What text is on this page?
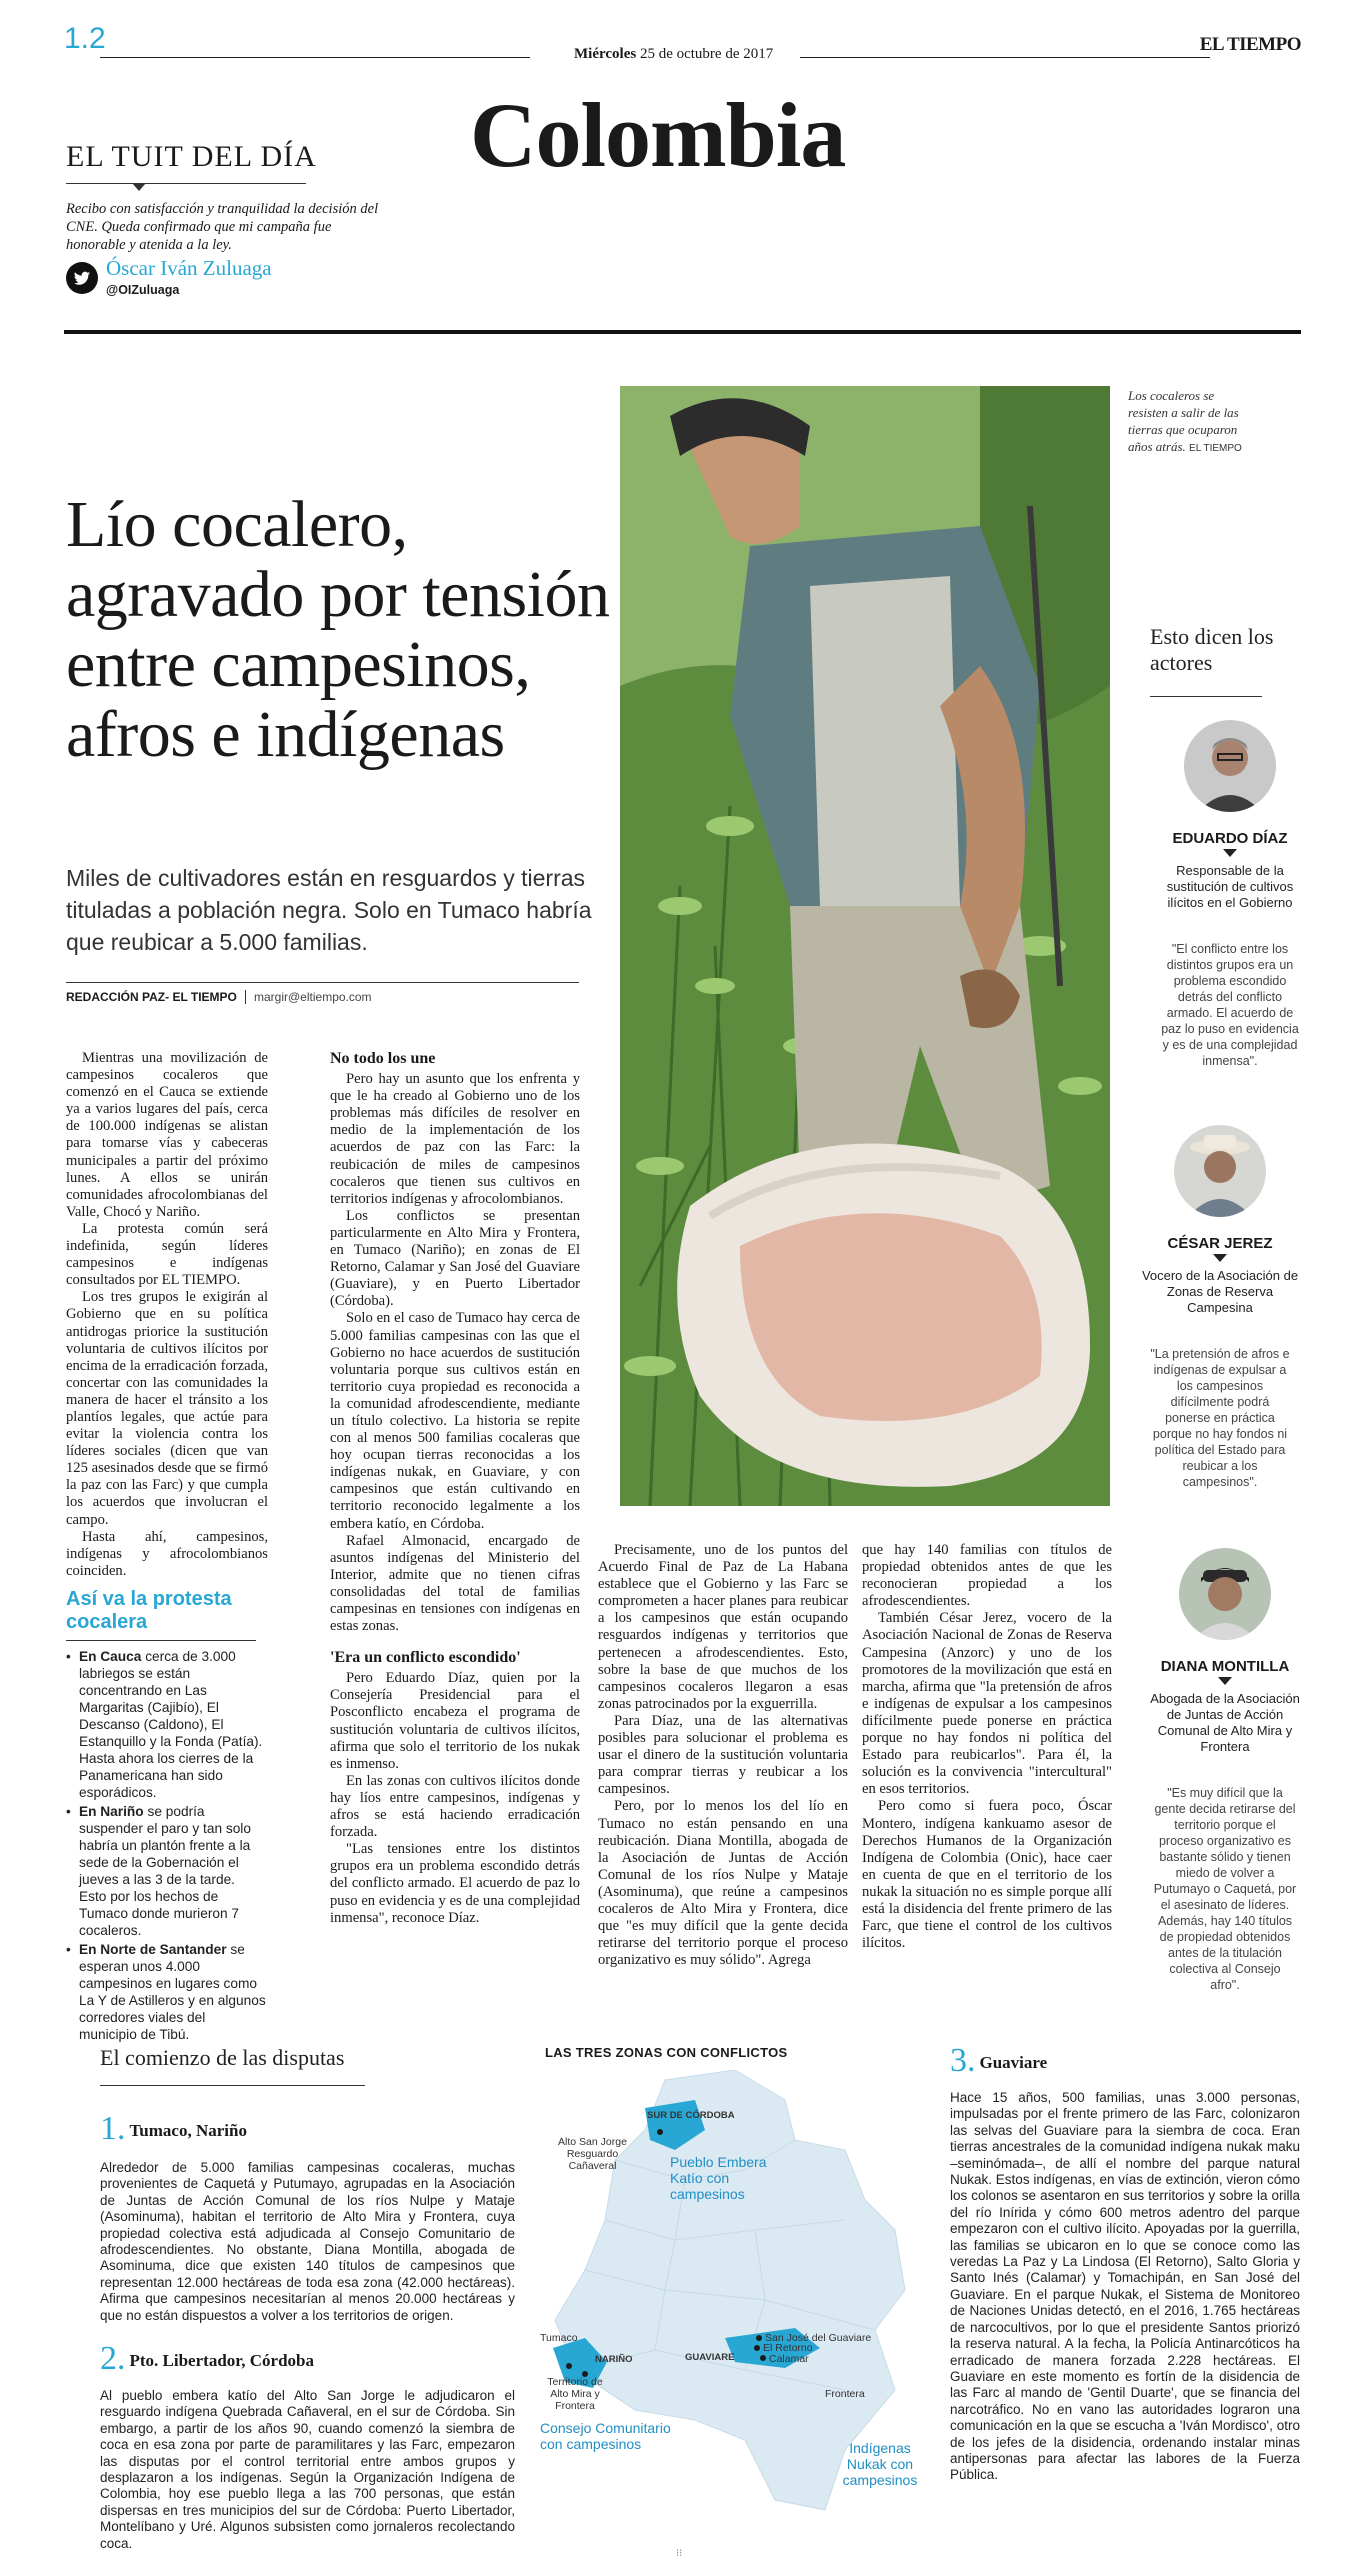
1.2	Miércoles 25 de octubre de 2017	EL TIEMPO
Colombia
EL TUIT DEL DÍA
Recibo con satisfacción y tranquilidad la decisión del CNE. Queda confirmado que mi campaña fue honorable y atenida a la ley.
Óscar Iván Zuluaga
@OIZuluaga
Lío cocalero, agravado por tensión entre campesinos, afros e indígenas
Miles de cultivadores están en resguardos y tierras tituladas a población negra. Solo en Tumaco habría que reubicar a 5.000 familias.
REDACCIÓN PAZ- EL TIEMPO	margir@eltiempo.com
Los cocaleros se resisten a salir de las tierras que ocuparon años atrás. EL TIEMPO

Mientras una movilización de campesinos cocaleros que comenzó en el Cauca se extiende ya a varios lugares del país, cerca de 100.000 indígenas se alistan para tomarse vías y cabeceras municipales a partir del próximo lunes. A ellos se unirán comunidades afrocolombianas del Valle, Chocó y Nariño.

La protesta común será indefinida, según líderes campesinos e indígenas consultados por EL TIEMPO.

Los tres grupos le exigirán al Gobierno que en su política antidrogas priorice la sustitución voluntaria de cultivos ilícitos por encima de la erradicación forzada, concertar con las comunidades la manera de hacer el tránsito a los plantíos legales, que actúe para evitar la violencia contra los líderes sociales (dicen que van 125 asesinados desde que se firmó la paz con las Farc) y que cumpla los acuerdos que involucran el campo.

Hasta ahí, campesinos, indígenas y afrocolombianos coinciden.

No todo los une

Pero hay un asunto que los enfrenta y que le ha creado al Gobierno uno de los problemas más difíciles de resolver en medio de la implementación de los acuerdos de paz con las Farc: la reubicación de miles de campesinos cocaleros que tienen sus cultivos en territorios indígenas y afrocolombianos.

Los conflictos se presentan particularmente en Alto Mira y Frontera, en Tumaco (Nariño); en zonas de El Retorno, Calamar y San José del Guaviare (Guaviare), y en Puerto Libertador (Córdoba).

Solo en el caso de Tumaco hay cerca de 5.000 familias campesinas con las que el Gobierno no hace acuerdos de sustitución voluntaria porque sus cultivos están en territorio cuya propiedad es reconocida a la comunidad afrodescendiente, mediante un título colectivo. La historia se repite con al menos 500 familias cocaleras que hoy ocupan tierras reconocidas a los indígenas nukak, en Guaviare, y con campesinos que están cultivando en territorio reconocido legalmente a los embera katío, en Córdoba.

Rafael Almonacid, encargado de asuntos indígenas del Ministerio del Interior, admite que no tienen cifras consolidadas del total de familias campesinas en tensiones con indígenas en estas zonas.

'Era un conflicto escondido'

Pero Eduardo Díaz, quien por la Consejería Presidencial para el Posconflicto encabeza el programa de sustitución voluntaria de cultivos ilícitos, afirma que solo el territorio de los nukak es inmenso.

En las zonas con cultivos ilícitos donde hay líos entre campesinos, indígenas y afros se está haciendo erradicación forzada.

"Las tensiones entre los distintos grupos era un problema escondido detrás del conflicto armado. El acuerdo de paz lo puso en evidencia y es de una complejidad inmensa", reconoce Díaz.

Precisamente, uno de los puntos del Acuerdo Final de Paz de La Habana establece que el Gobierno y las Farc se comprometen a hacer planes para reubicar a los campesinos que están ocupando resguardos indígenas y territorios que pertenecen a afrodescendientes. Esto, sobre la base de que muchos de los campesinos cocaleros llegaron a esas zonas patrocinados por la exguerrilla.

Para Díaz, una de las alternativas posibles para solucionar el problema es usar el dinero de la sustitución voluntaria para comprar tierras y reubicar a los campesinos.

Pero, por lo menos los del lío en Tumaco no están pensando en una reubicación. Diana Montilla, abogada de la Asociación de Juntas de Acción Comunal de los ríos Nulpe y Mataje (Asominuma), que reúne a campesinos cocaleros de Alto Mira y Frontera, dice que "es muy difícil que la gente decida retirarse del territorio porque el proceso organizativo es muy sólido". Agrega

que hay 140 familias con títulos de propiedad obtenidos antes de que les reconocieran propiedad a los afrodescendientes.

También César Jerez, vocero de la Asociación Nacional de Zonas de Reserva Campesina (Anzorc) y uno de los promotores de la movilización que está en marcha, afirma que "la pretensión de afros e indígenas de expulsar a los campesinos difícilmente puede ponerse en práctica porque no hay fondos ni política del Estado para reubicarlos". Para él, la solución es la convivencia "intercultural" en esos territorios.

Pero como si fuera poco, Óscar Montero, indígena kankuamo asesor de Derechos Humanos de la Organización Indígena de Colombia (Onic), hace caer en cuenta de que en el territorio de los nukak la situación no es simple porque allí está la disidencia del frente primero de las Farc, que tiene el control de los cultivos ilícitos.

Así va la protesta cocalera
• En Cauca cerca de 3.000 labriegos se están concentrando en Las Margaritas (Cajibío), El Descanso (Caldono), El Estanquillo y la Fonda (Patía). Hasta ahora los cierres de la Panamericana han sido esporádicos.
• En Nariño se podría suspender el paro y tan solo habría un plantón frente a la sede de la Gobernación el jueves a las 3 de la tarde. Esto por los hechos de Tumaco donde murieron 7 cocaleros.
• En Norte de Santander se esperan unos 4.000 campesinos en lugares como La Y de Astilleros y en algunos corredores viales del municipio de Tibú.
Esto dicen los actores
EDUARDO DÍAZ
Responsable de la sustitución de cultivos ilícitos en el Gobierno
"El conflicto entre los distintos grupos era un problema escondido detrás del conflicto armado. El acuerdo de paz lo puso en evidencia y es de una complejidad inmensa".
CÉSAR JEREZ
Vocero de la Asociación de Zonas de Reserva Campesina
"La pretensión de afros e indígenas de expulsar a los campesinos difícilmente podrá ponerse en práctica porque no hay fondos ni política del Estado para reubicar a los campesinos".
DIANA MONTILLA
Abogada de la Asociación de Juntas de Acción Comunal de Alto Mira y Frontera
"Es muy difícil que la gente decida retirarse del territorio porque el proceso organizativo es bastante sólido y tienen miedo de volver a Putumayo o Caquetá, por el asesinato de líderes. Además, hay 140 títulos de propiedad obtenidos antes de la titulación colectiva al Consejo afro".
El comienzo de las disputas
1. Tumaco, Nariño
Alrededor de 5.000 familias campesinas cocaleras, muchas provenientes de Caquetá y Putumayo, agrupadas en la Asociación de Juntas de Acción Comunal de los ríos Nulpe y Mataje (Asominuma), habitan el territorio de Alto Mira y Frontera, cuya propiedad colectiva está adjudicada al Consejo Comunitario de afrodescendientes. No obstante, Diana Montilla, abogada de Asominuma, dice que existen 140 títulos de campesinos que representan 12.000 hectáreas de toda esa zona (42.000 hectáreas). Afirma que campesinos necesitarían al menos 20.000 hectáreas y que no están dispuestos a volver a los territorios de origen.
2. Pto. Libertador, Córdoba
Al pueblo embera katío del Alto San Jorge le adjudicaron el resguardo indígena Quebrada Cañaveral, en el sur de Córdoba. Sin embargo, a partir de los años 90, cuando comenzó la siembra de coca en esa zona por parte de paramilitares y las Farc, empezaron las disputas por el control territorial entre ambos grupos y desplazaron a los indígenas. Según la Organización Indígena de Colombia, hoy ese pueblo llega a las 700 personas, que están dispersas en tres municipios del sur de Córdoba: Puerto Libertador, Montelíbano y Uré. Algunos subsisten como jornaleros recolectando coca.
3. Guaviare
Hace 15 años, 500 familias, unas 3.000 personas, impulsadas por el frente primero de las Farc, colonizaron las selvas del Guaviare para la siembra de coca. Eran tierras ancestrales de la comunidad indígena nukak maku –seminómada–, de allí el nombre del parque natural Nukak. Estos indígenas, en vías de extinción, vieron cómo los colonos se asentaron en sus territorios y sobre la orilla del río Inírida y cómo 600 metros adentro del parque empezaron con el cultivo ilícito. Apoyadas por la guerrilla, las familias se ubicaron en lo que se conoce como las veredas La Paz y La Lindosa (El Retorno), Salto Gloria y Santo Inés (Calamar) y Tomachipán, en San José del Guaviare. En el parque Nukak, el Sistema de Monitoreo de Naciones Unidas detectó, en el 2016, 1.765 hectáreas de narcocultivos, por lo que el presidente Santos priorizó la reserva natural. A la fecha, la Policía Antinarcóticos ha erradicado de manera forzada 2.228 hectáreas. El Guaviare en este momento es fortín de la disidencia de las Farc al mando de 'Gentil Duarte', que se financia del narcotráfico. No en vano las autoridades lograron una comunicación en la que se escucha a 'Iván Mordisco', otro de los jefes de la disidencia, ordenando instalar minas antipersonas para afectar las labores de la Fuerza Pública.
LAS TRES ZONAS CON CONFLICTOS
SUR DE CÓRDOBA
Alto San Jorge Resguardo Cañaveral	Pueblo Embera Katío con campesinos
Tumaco
NARIÑO
Territorio de Alto Mira y Frontera
Consejo Comunitario con campesinos
GUAVIARE
San José del Guaviare
El Retorno
Calamar
Frontera
Indígenas Nukak con campesinos
⁝⁝
